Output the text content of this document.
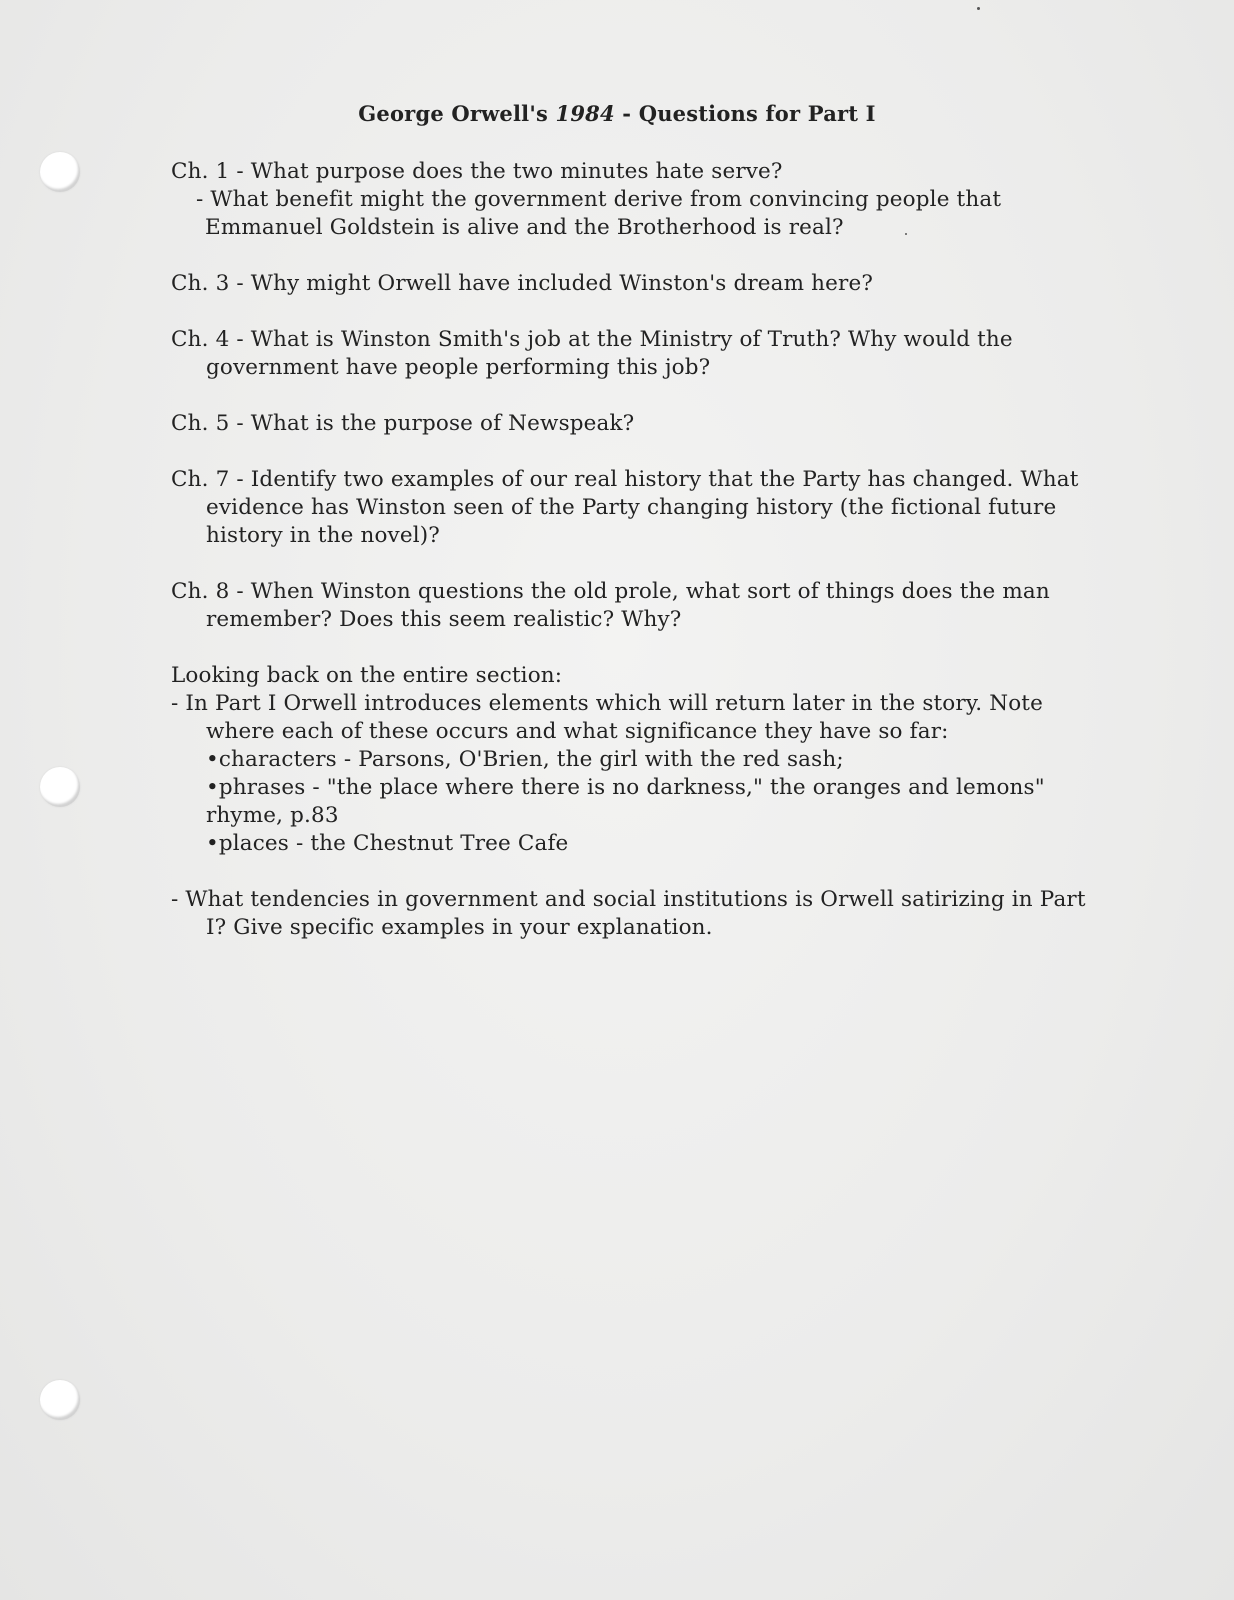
George Orwell's 1984 - Questions for Part I

Ch. 1 - What purpose does the two minutes hate serve?

- What benefit might the government derive from convincing people that

Emmanuel Goldstein is alive and the Brotherhood is real?

Ch. 3 - Why might Orwell have included Winston's dream here?

Ch. 4 - What is Winston Smith's job at the Ministry of Truth? Why would the

government have people performing this job?

Ch. 5 - What is the purpose of Newspeak?

Ch. 7 - Identify two examples of our real history that the Party has changed. What

evidence has Winston seen of the Party changing history (the fictional future

history in the novel)?

Ch. 8 - When Winston questions the old prole, what sort of things does the man

remember? Does this seem realistic? Why?

Looking back on the entire section:

- In Part I Orwell introduces elements which will return later in the story. Note

where each of these occurs and what significance they have so far:

•characters - Parsons, O'Brien, the girl with the red sash;

•phrases - "the place where there is no darkness," the oranges and lemons"

rhyme, p.83

•places - the Chestnut Tree Cafe

- What tendencies in government and social institutions is Orwell satirizing in Part

I? Give specific examples in your explanation.
